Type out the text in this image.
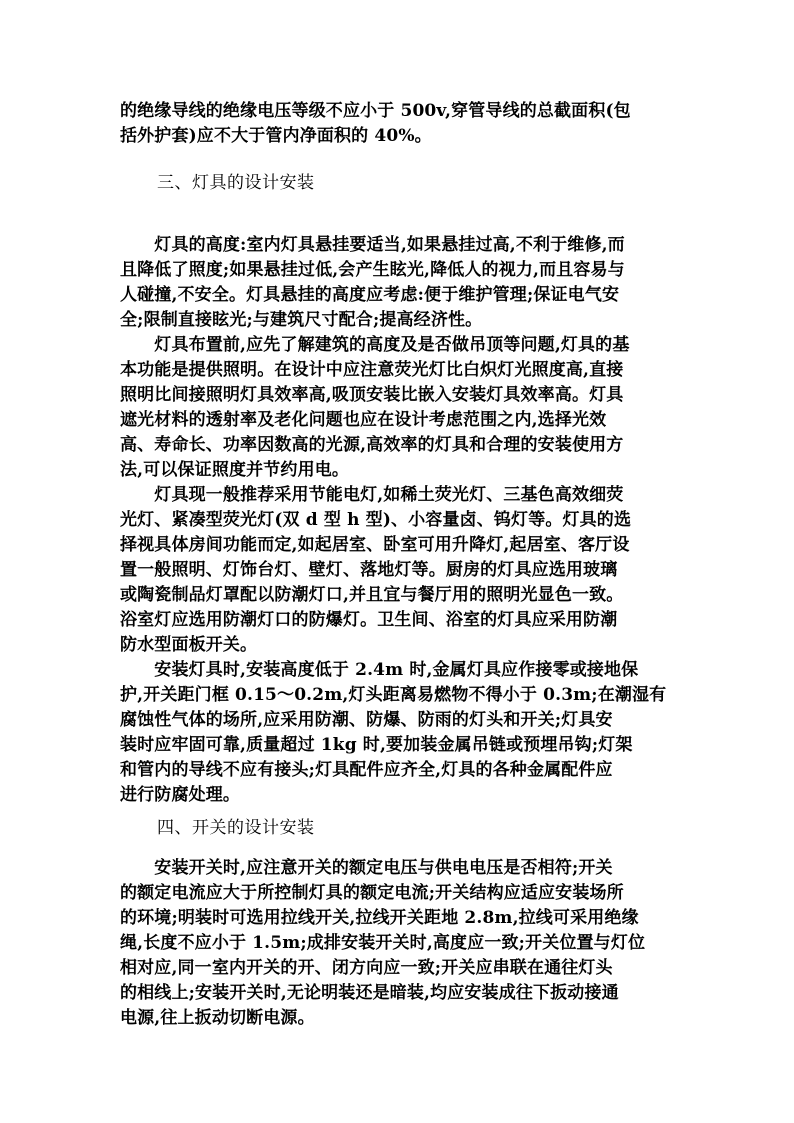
的绝缘导线的绝缘电压等级不应小于 500v,穿管导线的总截面积(包
括外护套)应不大于管内净面积的 40%。
三、灯具的设计安装
　　灯具的高度:室内灯具悬挂要适当,如果悬挂过高,不利于维修,而
且降低了照度;如果悬挂过低,会产生眩光,降低人的视力,而且容易与
人碰撞,不安全。灯具悬挂的高度应考虑:便于维护管理;保证电气安
全;限制直接眩光;与建筑尺寸配合;提高经济性。
　　灯具布置前,应先了解建筑的高度及是否做吊顶等问题,灯具的基
本功能是提供照明。在设计中应注意荧光灯比白炽灯光照度高,直接
照明比间接照明灯具效率高,吸顶安装比嵌入安装灯具效率高。灯具
遮光材料的透射率及老化问题也应在设计考虑范围之内,选择光效
高、寿命长、功率因数高的光源,高效率的灯具和合理的安装使用方
法,可以保证照度并节约用电。
　　灯具现一般推荐采用节能电灯,如稀土荧光灯、三基色高效细荧
光灯、紧凑型荧光灯(双 d 型 h 型)、小容量卤、钨灯等。灯具的选
择视具体房间功能而定,如起居室、卧室可用升降灯,起居室、客厅设
置一般照明、灯饰台灯、壁灯、落地灯等。厨房的灯具应选用玻璃
或陶瓷制品灯罩配以防潮灯口,并且宜与餐厅用的照明光显色一致。
浴室灯应选用防潮灯口的防爆灯。卫生间、浴室的灯具应采用防潮
防水型面板开关。
　　安装灯具时,安装高度低于 2.4m 时,金属灯具应作接零或接地保
护,开关距门框 0.15～0.2m,灯头距离易燃物不得小于 0.3m;在潮湿有
腐蚀性气体的场所,应采用防潮、防爆、防雨的灯头和开关;灯具安
装时应牢固可靠,质量超过 1kg 时,要加装金属吊链或预埋吊钩;灯架
和管内的导线不应有接头;灯具配件应齐全,灯具的各种金属配件应
进行防腐处理。
四、开关的设计安装
　　安装开关时,应注意开关的额定电压与供电电压是否相符;开关
的额定电流应大于所控制灯具的额定电流;开关结构应适应安装场所
的环境;明装时可选用拉线开关,拉线开关距地 2.8m,拉线可采用绝缘
绳,长度不应小于 1.5m;成排安装开关时,高度应一致;开关位置与灯位
相对应,同一室内开关的开、闭方向应一致;开关应串联在通往灯头
的相线上;安装开关时,无论明装还是暗装,均应安装成往下扳动接通
电源,往上扳动切断电源。
